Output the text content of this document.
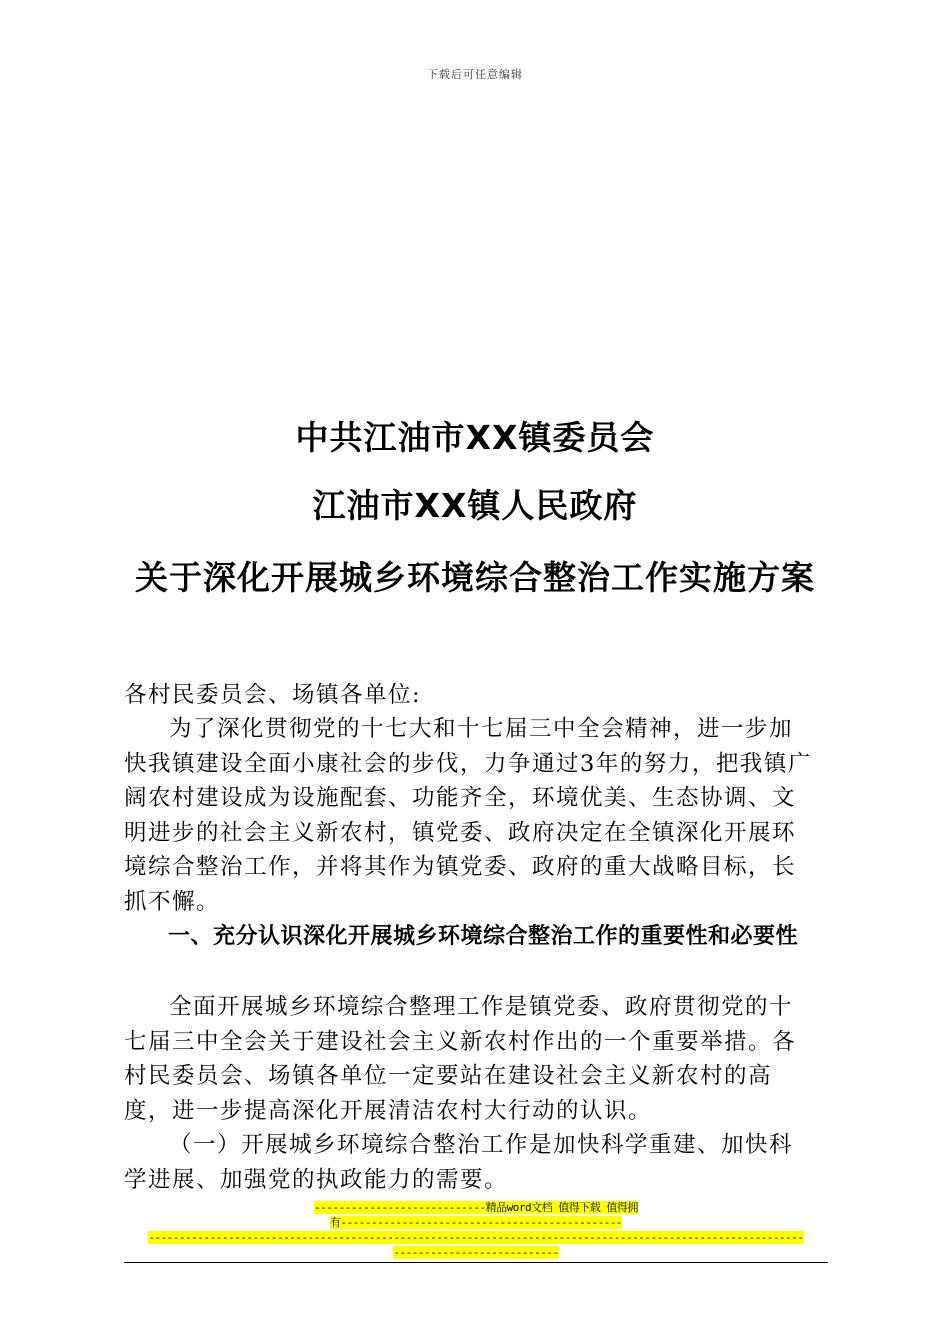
下载后可任意编辑
中共江油市XX镇委员会
江油市XX镇人民政府
关于深化开展城乡环境综合整治工作实施方案
各村民委员会、场镇各单位:
为了深化贯彻党的十七大和十七届三中全会精神，进一步加快我镇建设全面小康社会的步伐，力争通过3年的努力，把我镇广阔农村建设成为设施配套、功能齐全，环境优美、生态协调、文明进步的社会主义新农村，镇党委、政府决定在全镇深化开展环境综合整治工作，并将其作为镇党委、政府的重大战略目标，长抓不懈。
一、充分认识深化开展城乡环境综合整治工作的重要性和必要性
全面开展城乡环境综合整理工作是镇党委、政府贯彻党的十七届三中全会关于建设社会主义新农村作出的一个重要举措。各村民委员会、场镇各单位一定要站在建设社会主义新农村的高度，进一步提高深化开展清洁农村大行动的认识。
（一）开展城乡环境综合整治工作是加快科学重建、加快科学进展、加强党的执政能力的需要。
----------------------------精品word文档 值得下载 值得拥
有----------------------------------------------
-----------------------------------------------------------------------------------------------------------
---------------------------
